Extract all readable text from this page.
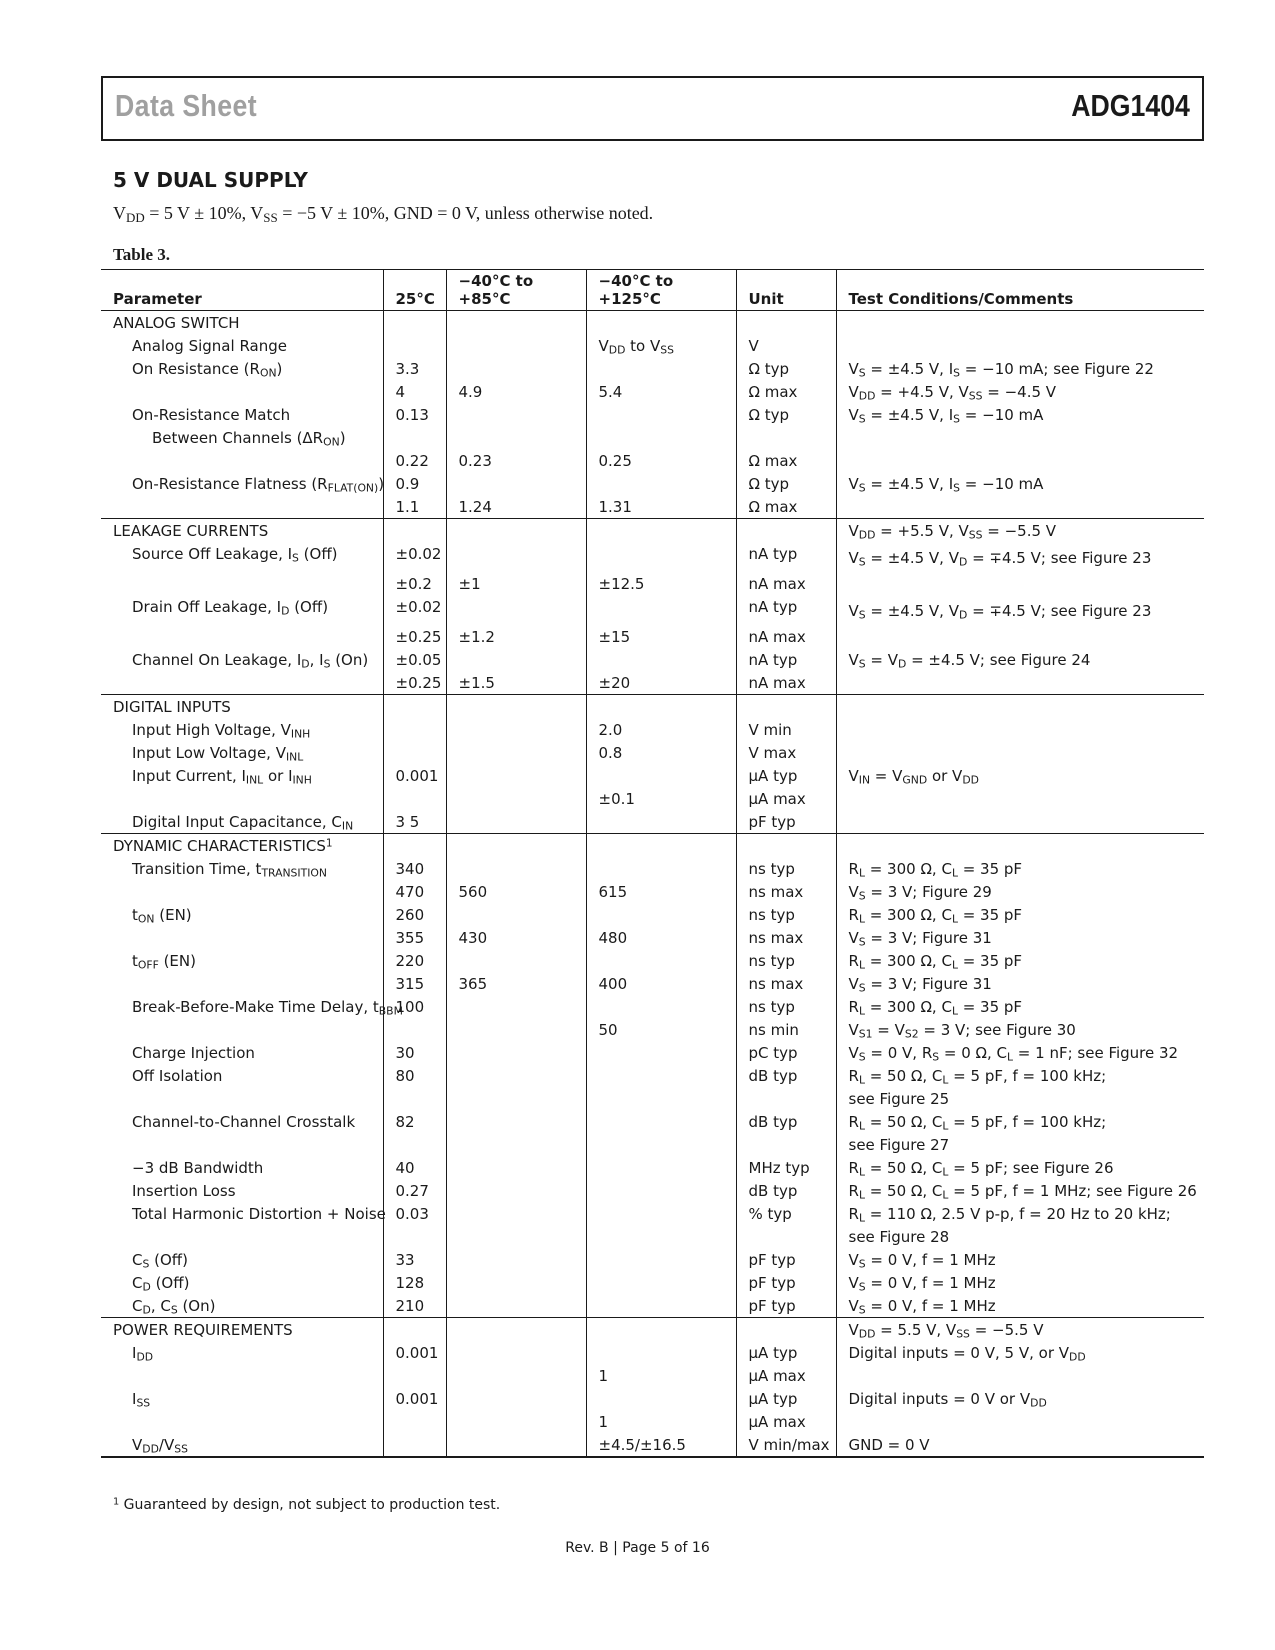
Data Sheet	ADG1404
5 V DUAL SUPPLY
$V_{DD} = 5$ V ± 10%, $V_{SS} = -5$ V ± 10%, GND = 0 V, unless otherwise noted.
Table 3.
Parameter	25°C	−40°C to +85°C	−40°C to +125°C	Unit	Test Conditions/Comments
ANALOG SWITCH					
Analog Signal Range			$V_{DD}$ to $V_{SS}$	V	
On Resistance $(R_{ON})$	3.3			Ω typ	$V_S = \pm 4.5$ V, $I_S = -10$ mA; see Figure 22
	4	4.9	5.4	Ω max	$V_{DD} = +4.5$ V, $V_{SS} = -4.5$ V
On-Resistance Match	0.13			Ω typ	$V_S = \pm 4.5$ V, $I_S = -10$ mA
Between Channels $(\Delta R_{ON})$					
	0.22	0.23	0.25	Ω max	
On-Resistance Flatness $(R_{FLAT(ON)})$	0.9			Ω typ	$V_S = \pm 4.5$ V, $I_S = -10$ mA
	1.1	1.24	1.31	Ω max	
LEAKAGE CURRENTS					$V_{DD} = +5.5$ V, $V_{SS} = -5.5$ V
Source Off Leakage, $I_S$ (Off)	±0.02			nA typ	$V_S = \pm 4.5$ V, $V_D = \mp 4.5$ V; see Figure 23
	±0.2	±1	±12.5	nA max	
Drain Off Leakage, $I_D$ (Off)	±0.02			nA typ	$V_S = \pm 4.5$ V, $V_D = \mp 4.5$ V; see Figure 23
	±0.25	±1.2	±15	nA max	
Channel On Leakage, $I_D$, $I_S$ (On)	±0.05			nA typ	$V_S = V_D = \pm 4.5$ V; see Figure 24
	±0.25	±1.5	±20	nA max	
DIGITAL INPUTS					
Input High Voltage, $V_{INH}$			2.0	V min	
Input Low Voltage, $V_{INL}$			0.8	V max	
Input Current, $I_{INL}$ or $I_{INH}$	0.001			µA typ	$V_{IN} = V_{GND}$ or $V_{DD}$
			±0.1	µA max	
Digital Input Capacitance, $C_{IN}$	3 5			pF typ	
DYNAMIC CHARACTERISTICS$^1$					
Transition Time, $t_{TRANSITION}$	340			ns typ	$R_L = 300$ Ω, $C_L = 35$ pF
	470	560	615	ns max	$V_S = 3$ V; Figure 29
$t_{ON}$ (EN)	260			ns typ	$R_L = 300$ Ω, $C_L = 35$ pF
	355	430	480	ns max	$V_S = 3$ V; Figure 31
$t_{OFF}$ (EN)	220			ns typ	$R_L = 300$ Ω, $C_L = 35$ pF
	315	365	400	ns max	$V_S = 3$ V; Figure 31
Break-Before-Make Time Delay, $t_{BBM}$	100			ns typ	$R_L = 300$ Ω, $C_L = 35$ pF
			50	ns min	$V_{S1} = V_{S2} = 3$ V; see Figure 30
Charge Injection	30			pC typ	$V_S = 0$ V, $R_S = 0$ Ω, $C_L = 1$ nF; see Figure 32
Off Isolation	80			dB typ	$R_L = 50$ Ω, $C_L = 5$ pF, f = 100 kHz;
					see Figure 25
Channel-to-Channel Crosstalk	82			dB typ	$R_L = 50$ Ω, $C_L = 5$ pF, f = 100 kHz;
					see Figure 27
−3 dB Bandwidth	40			MHz typ	$R_L = 50$ Ω, $C_L = 5$ pF; see Figure 26
Insertion Loss	0.27			dB typ	$R_L = 50$ Ω, $C_L = 5$ pF, f = 1 MHz; see Figure 26
Total Harmonic Distortion + Noise	0.03			% typ	$R_L = 110$ Ω, 2.5 V p-p, f = 20 Hz to 20 kHz;
					see Figure 28
$C_S$ (Off)	33			pF typ	$V_S = 0$ V, f = 1 MHz
$C_D$ (Off)	128			pF typ	$V_S = 0$ V, f = 1 MHz
$C_D$, $C_S$ (On)	210			pF typ	$V_S = 0$ V, f = 1 MHz
POWER REQUIREMENTS					$V_{DD} = 5.5$ V, $V_{SS} = -5.5$ V
$I_{DD}$	0.001			µA typ	Digital inputs = 0 V, 5 V, or $V_{DD}$
			1	µA max	
$I_{SS}$	0.001			µA typ	Digital inputs = 0 V or $V_{DD}$
			1	µA max	
$V_{DD}/V_{SS}$			±4.5/±16.5	V min/max	GND = 0 V
$^1$ Guaranteed by design, not subject to production test.
Rev. B | Page 5 of 16
